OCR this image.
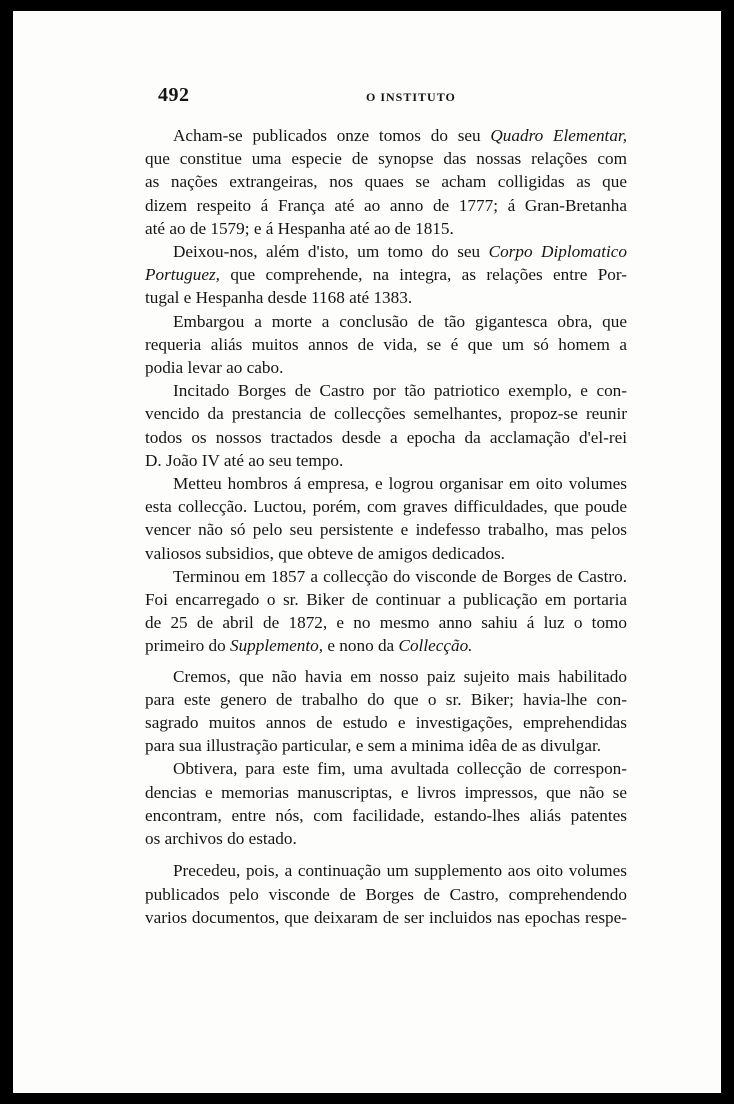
492	O INSTITUTO

Acham-se publicados onze tomos do seu Quadro Elementar,

que constitue uma especie de synopse das nossas relações com

as nações extrangeiras, nos quaes se acham colligidas as que

dizem respeito á França até ao anno de 1777; á Gran-Bretanha

até ao de 1579; e á Hespanha até ao de 1815.

Deixou-nos, além d'isto, um tomo do seu Corpo Diplomatico

Portuguez, que comprehende, na integra, as relações entre Por-

tugal e Hespanha desde 1168 até 1383.

Embargou a morte a conclusão de tão gigantesca obra, que

requeria aliás muitos annos de vida, se é que um só homem a

podia levar ao cabo.

Incitado Borges de Castro por tão patriotico exemplo, e con-

vencido da prestancia de collecções semelhantes, propoz-se reunir

todos os nossos tractados desde a epocha da acclamação d'el-rei

D. João IV até ao seu tempo.

Metteu hombros á empresa, e logrou organisar em oito volumes

esta collecção. Luctou, porém, com graves difficuldades, que poude

vencer não só pelo seu persistente e indefesso trabalho, mas pelos

valiosos subsidios, que obteve de amigos dedicados.

Terminou em 1857 a collecção do visconde de Borges de Castro.

Foi encarregado o sr. Biker de continuar a publicação em portaria

de 25 de abril de 1872, e no mesmo anno sahiu á luz o tomo

primeiro do Supplemento, e nono da Collecção.

Cremos, que não havia em nosso paiz sujeito mais habilitado

para este genero de trabalho do que o sr. Biker; havia-lhe con-

sagrado muitos annos de estudo e investigações, emprehendidas

para sua illustração particular, e sem a minima idêa de as divulgar.

Obtivera, para este fim, uma avultada collecção de correspon-

dencias e memorias manuscriptas, e livros impressos, que não se

encontram, entre nós, com facilidade, estando-lhes aliás patentes

os archivos do estado.

Precedeu, pois, a continuação um supplemento aos oito volumes

publicados pelo visconde de Borges de Castro, comprehendendo

varios documentos, que deixaram de ser incluidos nas epochas respe-
